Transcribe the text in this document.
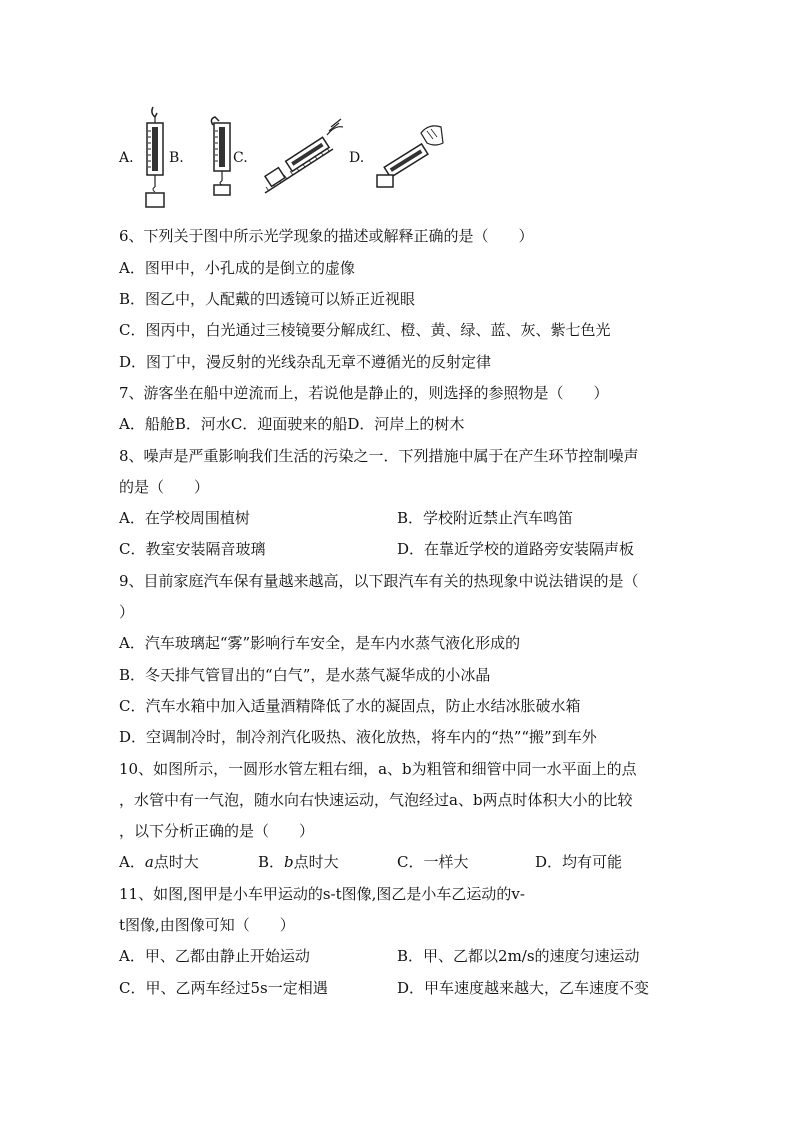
A.	B.	C.	D.
6、下列关于图中所示光学现象的描述或解释正确的是（　　）
A．图甲中，小孔成的是倒立的虚像
B．图乙中，人配戴的凹透镜可以矫正近视眼
C．图丙中，白光通过三棱镜要分解成红、橙、黄、绿、蓝、灰、紫七色光
D．图丁中，漫反射的光线杂乱无章不遵循光的反射定律
7、游客坐在船中逆流而上，若说他是静止的，则选择的参照物是（　　）
A．船舱B．河水C．迎面驶来的船D．河岸上的树木
8、噪声是严重影响我们生活的污染之一．下列措施中属于在产生环节控制噪声
的是（　　）
A．在学校周围植树	B．学校附近禁止汽车鸣笛
C．教室安装隔音玻璃	D．在靠近学校的道路旁安装隔声板
9、目前家庭汽车保有量越来越高，以下跟汽车有关的热现象中说法错误的是（
）
A．汽车玻璃起“雾”影响行车安全，是车内水蒸气液化形成的
B．冬天排气管冒出的“白气”，是水蒸气凝华成的小冰晶
C．汽车水箱中加入适量酒精降低了水的凝固点，防止水结冰胀破水箱
D．空调制冷时，制冷剂汽化吸热、液化放热，将车内的“热”“搬”到车外
10、如图所示，一圆形水管左粗右细，a、b为粗管和细管中同一水平面上的点
，水管中有一气泡，随水向右快速运动，气泡经过a、b两点时体积大小的比较
，以下分析正确的是（　　）
A．a点时大	B．b点时大	C．一样大	D．均有可能
11、如图,图甲是小车甲运动的s-t图像,图乙是小车乙运动的v-
t图像,由图像可知（　　）
A．甲、乙都由静止开始运动	B．甲、乙都以2m/s的速度匀速运动
C．甲、乙两车经过5s一定相遇	D．甲车速度越来越大，乙车速度不变
